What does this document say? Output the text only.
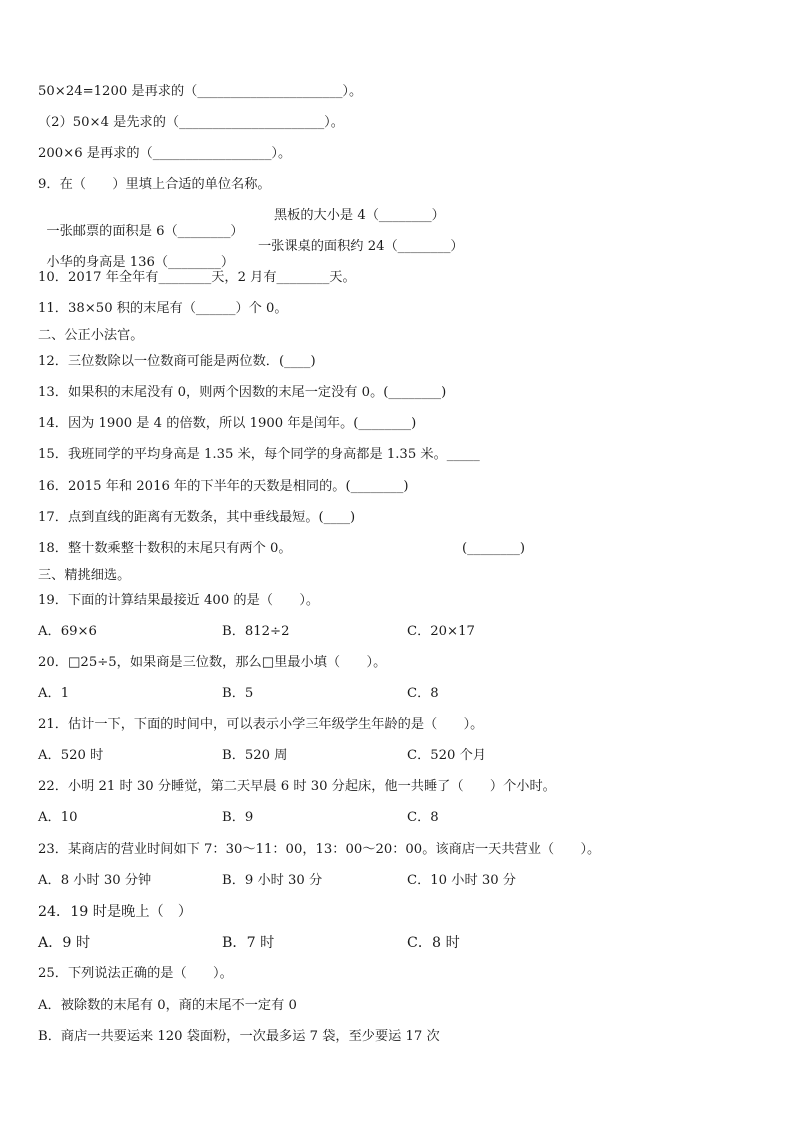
50×24=1200 是再求的（______________________）。
（2）50×4 是先求的（______________________）。
200×6 是再求的（__________________）。
9．在（　　）里填上合适的单位名称。

一张邮票的面积是 6（________）

黑板的大小是 4（________）

小华的身高是 136（________）

一张课桌的面积约 24（________）
10．2017 年全年有________天，2 月有________天。
11．38×50 积的末尾有（______）个 0。
二、公正小法官。
12．三位数除以一位数商可能是两位数．(____)
13．如果积的末尾没有 0，则两个因数的末尾一定没有 0。(________)
14．因为 1900 是 4 的倍数，所以 1900 年是闰年。(________)
15．我班同学的平均身高是 1.35 米，每个同学的身高都是 1.35 米。_____
16．2015 年和 2016 年的下半年的天数是相同的。(________)
17．点到直线的距离有无数条，其中垂线最短。(____)
18．整十数乘整十数积的末尾只有两个 0。	(________)
三、精挑细选。
19．下面的计算结果最接近 400 的是（　　）。

A．69×6

	B．812÷2

	C．20×17

20．□25÷5，如果商是三位数，那么□里最小填（　　）。

A．1

	B．5

	C．8

21．估计一下，下面的时间中，可以表示小学三年级学生年龄的是（　　）。

A．520 时

	B．520 周

	C．520 个月

22．小明 21 时 30 分睡觉，第二天早晨 6 时 30 分起床，他一共睡了（　　）个小时。

A．10

	B．9

	C．8

23．某商店的营业时间如下 7：30～11：00，13：00～20：00。该商店一天共营业（　　）。

A．8 小时 30 分钟

	B．9 小时 30 分

	C．10 小时 30 分

24．19 时是晚上（　）

A．9 时

	B．7 时

	C．8 时

25．下列说法正确的是（　　）。
A．被除数的末尾有 0，商的末尾不一定有 0
B．商店一共要运来 120 袋面粉，一次最多运 7 袋，至少要运 17 次
